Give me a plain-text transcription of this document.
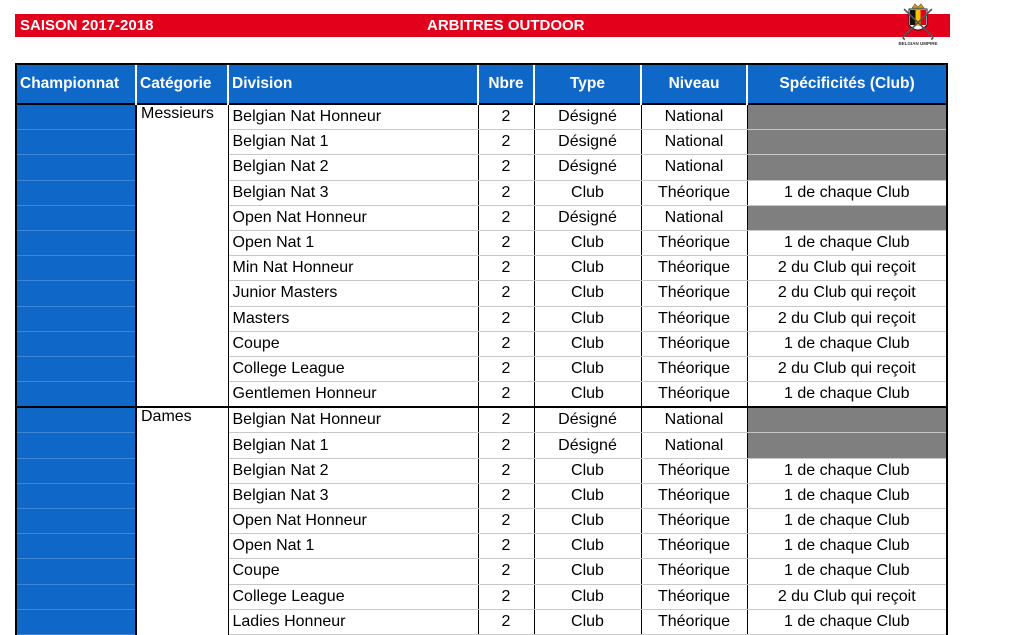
SAISON 2017-2018	ARBITRES OUTDOOR
BELGIAN UMPIRE
Championnat	Catégorie	Division	Nbre	Type	Niveau	Spécificités (Club)
	Messieurs	Belgian Nat Honneur	2	Désigné	National	
		Belgian Nat 1	2	Désigné	National	
		Belgian Nat 2	2	Désigné	National	
		Belgian Nat 3	2	Club	Théorique	1 de chaque Club
		Open Nat Honneur	2	Désigné	National	
		Open Nat 1	2	Club	Théorique	1 de chaque Club
		Min Nat Honneur	2	Club	Théorique	2 du Club qui reçoit
		Junior Masters	2	Club	Théorique	2 du Club qui reçoit
		Masters	2	Club	Théorique	2 du Club qui reçoit
		Coupe	2	Club	Théorique	1 de chaque Club
		College League	2	Club	Théorique	2 du Club qui reçoit
		Gentlemen Honneur	2	Club	Théorique	1 de chaque Club
	Dames	Belgian Nat Honneur	2	Désigné	National	
		Belgian Nat 1	2	Désigné	National	
		Belgian Nat 2	2	Club	Théorique	1 de chaque Club
		Belgian Nat 3	2	Club	Théorique	1 de chaque Club
		Open Nat Honneur	2	Club	Théorique	1 de chaque Club
		Open Nat 1	2	Club	Théorique	1 de chaque Club
		Coupe	2	Club	Théorique	1 de chaque Club
		College League	2	Club	Théorique	2 du Club qui reçoit
		Ladies Honneur	2	Club	Théorique	1 de chaque Club
